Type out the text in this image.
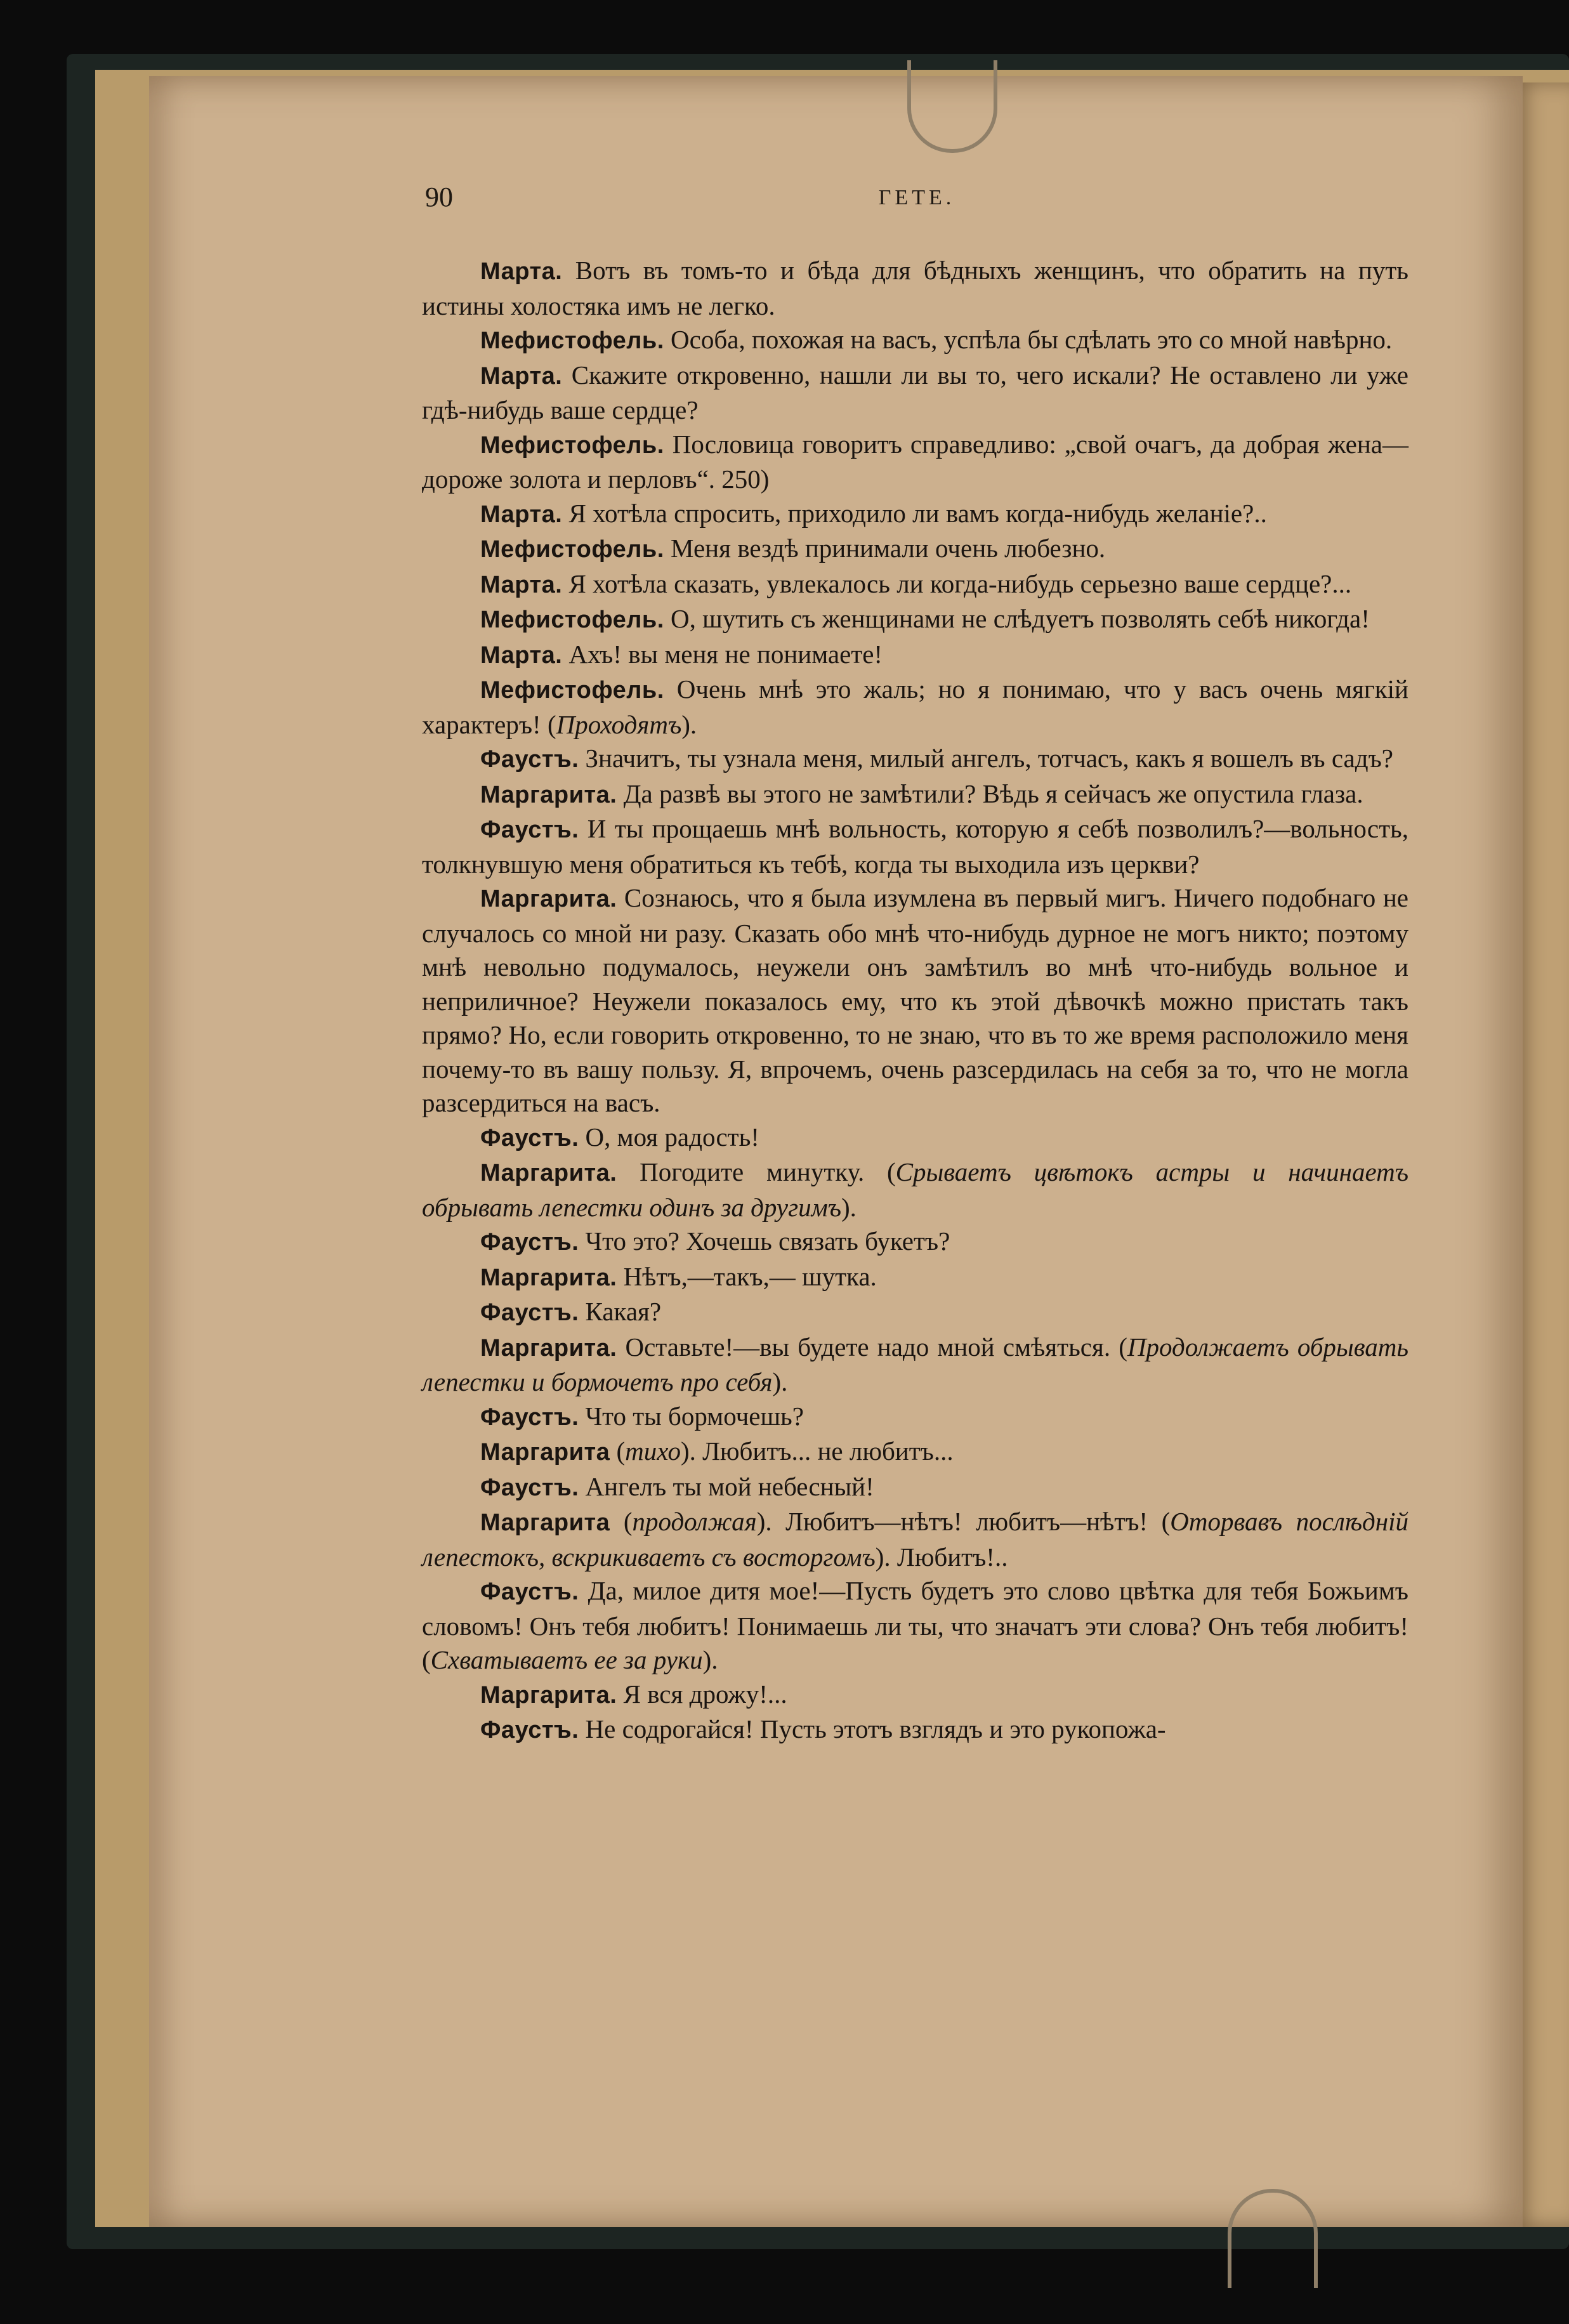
90	ГЕТЕ.

Марта. Вотъ въ томъ-то и бѣда для бѣдныхъ женщинъ, что обратить на путь истины холостяка имъ не легко.

Мефистофель. Особа, похожая на васъ, успѣла бы сдѣлать это со мной навѣрно.

Марта. Скажите откровенно, нашли ли вы то, чего искали? Не оставлено ли уже гдѣ-нибудь ваше сердце?

Мефистофель. Пословица говоритъ справедливо: „свой очагъ, да добрая жена—дороже золота и перловъ“. 250)

Марта. Я хотѣла спросить, приходило ли вамъ когда-нибудь желаніе?..

Мефистофель. Меня вездѣ принимали очень любезно.

Марта. Я хотѣла сказать, увлекалось ли когда-нибудь серьезно ваше сердце?...

Мефистофель. О, шутить съ женщинами не слѣдуетъ позволять себѣ никогда!

Марта. Ахъ! вы меня не понимаете!

Мефистофель. Очень мнѣ это жаль; но я понимаю, что у васъ очень мягкій характеръ! (Проходятъ).

Фаустъ. Значитъ, ты узнала меня, милый ангелъ, тотчасъ, какъ я вошелъ въ садъ?

Маргарита. Да развѣ вы этого не замѣтили? Вѣдь я сейчасъ же опустила глаза.

Фаустъ. И ты прощаешь мнѣ вольность, которую я себѣ позволилъ?—вольность, толкнувшую меня обратиться къ тебѣ, когда ты выходила изъ церкви?

Маргарита. Сознаюсь, что я была изумлена въ первый мигъ. Ничего подобнаго не случалось со мной ни разу. Сказать обо мнѣ что-нибудь дурное не могъ никто; поэтому мнѣ невольно подумалось, неужели онъ замѣтилъ во мнѣ что-нибудь вольное и неприличное? Неужели показалось ему, что къ этой дѣвочкѣ можно пристать такъ прямо? Но, если говорить откровенно, то не знаю, что въ то же время расположило меня почему-то въ вашу пользу. Я, впрочемъ, очень разсердилась на себя за то, что не могла разсердиться на васъ.

Фаустъ. О, моя радость!

Маргарита. Погодите минутку. (Срываетъ цвѣтокъ астры и начинаетъ обрывать лепестки одинъ за другимъ).

Фаустъ. Что это? Хочешь связать букетъ?

Маргарита. Нѣтъ,—такъ,— шутка.

Фаустъ. Какая?

Маргарита. Оставьте!—вы будете надо мной смѣяться. (Продолжаетъ обрывать лепестки и бормочетъ про себя).

Фаустъ. Что ты бормочешь?

Маргарита (тихо). Любитъ... не любитъ...

Фаустъ. Ангелъ ты мой небесный!

Маргарита (продолжая). Любитъ—нѣтъ! любитъ—нѣтъ! (Оторвавъ послѣдній лепестокъ, вскрикиваетъ съ восторгомъ). Любитъ!..

Фаустъ. Да, милое дитя мое!—Пусть будетъ это слово цвѣтка для тебя Божьимъ словомъ! Онъ тебя любитъ! Понимаешь ли ты, что значатъ эти слова? Онъ тебя любитъ! (Схватываетъ ее за руки).

Маргарита. Я вся дрожу!...

Фаустъ. Не содрогайся! Пусть этотъ взглядъ и это рукопожа-
